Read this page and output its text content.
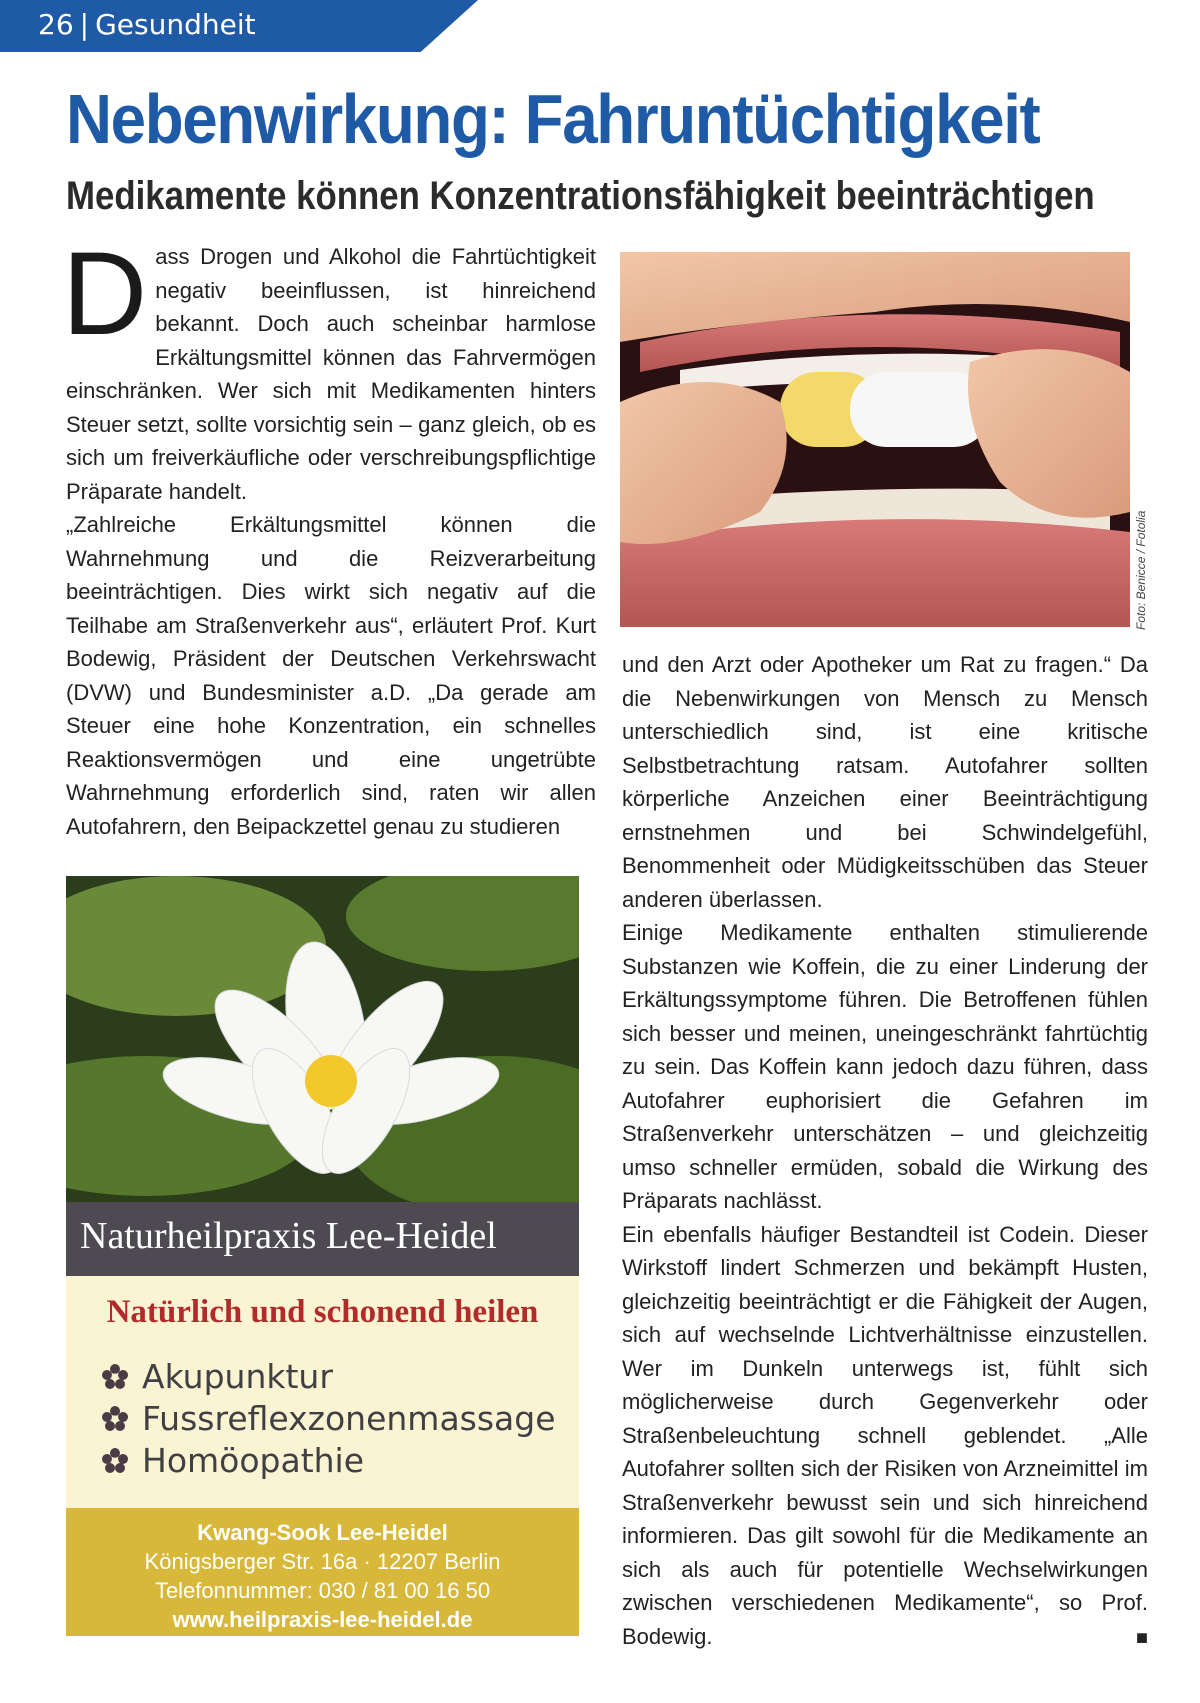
26 | Gesundheit
Nebenwirkung: Fahruntüchtigkeit
Medikamente können Konzentrationsfähigkeit beeinträchtigen

Dass Drogen und Alkohol die Fahrtüchtigkeit negativ beeinflussen, ist hinreichend bekannt. Doch auch scheinbar harmlose Erkältungsmittel können das Fahrvermögen einschränken. Wer sich mit Medikamenten hinters Steuer setzt, sollte vorsichtig sein – ganz gleich, ob es sich um freiverkäufliche oder verschreibungspflichtige Präparate handelt.

„Zahlreiche Erkältungsmittel können die Wahrnehmung und die Reizverarbeitung beeinträchtigen. Dies wirkt sich negativ auf die Teilhabe am Straßenverkehr aus“, erläutert Prof. Kurt Bodewig, Präsident der Deutschen Verkehrswacht (DVW) und Bundesminister a.D. „Da gerade am Steuer eine hohe Konzentration, ein schnelles Reaktionsvermögen und eine ungetrübte Wahrnehmung erforderlich sind, raten wir allen Autofahrern, den Beipackzettel genau zu studieren

Foto: Benicce / Fotolia
Naturheilpraxis Lee-Heidel
Natürlich und schonend heilen
Akupunktur
Fussreflexzonenmassage
Homöopathie
Kwang-Sook Lee-Heidel
Königsberger Str. 16a · 12207 Berlin
Telefonnummer: 030 / 81 00 16 50
www.heilpraxis-lee-heidel.de

und den Arzt oder Apotheker um Rat zu fragen.“ Da die Nebenwirkungen von Mensch zu Mensch unterschiedlich sind, ist eine kritische Selbstbetrachtung ratsam. Autofahrer sollten körperliche Anzeichen einer Beeinträchtigung ernstnehmen und bei Schwindelgefühl, Benommenheit oder Müdigkeitsschüben das Steuer anderen überlassen.

Einige Medikamente enthalten stimulierende Substanzen wie Koffein, die zu einer Linderung der Erkältungssymptome führen. Die Betroffenen fühlen sich besser und meinen, uneingeschränkt fahrtüchtig zu sein. Das Koffein kann jedoch dazu führen, dass Autofahrer euphorisiert die Gefahren im Straßenverkehr unterschätzen – und gleichzeitig umso schneller ermüden, sobald die Wirkung des Präparats nachlässt.

Ein ebenfalls häufiger Bestandteil ist Codein. Dieser Wirkstoff lindert Schmerzen und bekämpft Husten, gleichzeitig beeinträchtigt er die Fähigkeit der Augen, sich auf wechselnde Lichtverhältnisse einzustellen. Wer im Dunkeln unterwegs ist, fühlt sich möglicherweise durch Gegenverkehr oder Straßenbeleuchtung schnell geblendet. „Alle Autofahrer sollten sich der Risiken von Arzneimittel im Straßenverkehr bewusst sein und sich hinreichend informieren. Das gilt sowohl für die Medikamente an sich als auch für potentielle Wechselwirkungen zwischen verschiedenen Medikamente“, so Prof. Bodewig.	■
